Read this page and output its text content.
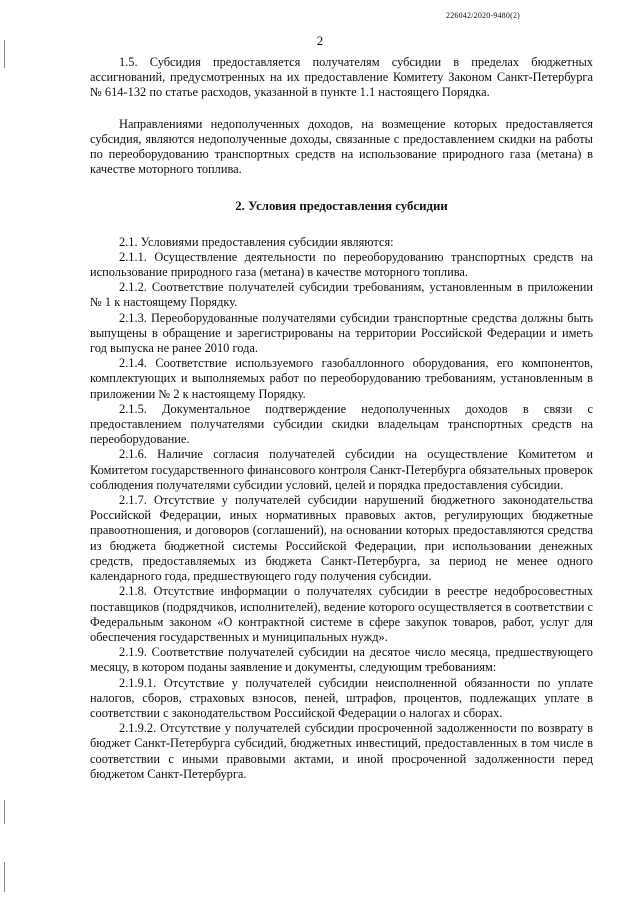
226042/2020-9480(2)
2

1.5. Субсидия предоставляется получателям субсидии в пределах бюджетных ассигнований, предусмотренных на их предоставление Комитету Законом Санкт-Петербурга № 614-132 по статье расходов, указанной в пункте 1.1 настоящего Порядка.

Направлениями недополученных доходов, на возмещение которых предоставляется субсидия, являются недополученные доходы, связанные с предоставлением скидки на работы по переоборудованию транспортных средств на использование природного газа (метана) в качестве моторного топлива.

2. Условия предоставления субсидии

2.1. Условиями предоставления субсидии являются:

2.1.1. Осуществление деятельности по переоборудованию транспортных средств на использование природного газа (метана) в качестве моторного топлива.

2.1.2. Соответствие получателей субсидии требованиям, установленным в приложении № 1 к настоящему Порядку.

2.1.3. Переоборудованные получателями субсидии транспортные средства должны быть выпущены в обращение и зарегистрированы на территории Российской Федерации и иметь год выпуска не ранее 2010 года.

2.1.4. Соответствие используемого газобаллонного оборудования, его компонентов, комплектующих и выполняемых работ по переоборудованию требованиям, установленным в приложении № 2 к настоящему Порядку.

2.1.5. Документальное подтверждение недополученных доходов в связи с предоставлением получателями субсидии скидки владельцам транспортных средств на переоборудование.

2.1.6. Наличие согласия получателей субсидии на осуществление Комитетом и Комитетом государственного финансового контроля Санкт-Петербурга обязательных проверок соблюдения получателями субсидии условий, целей и порядка предоставления субсидии.

2.1.7. Отсутствие у получателей субсидии нарушений бюджетного законодательства Российской Федерации, иных нормативных правовых актов, регулирующих бюджетные правоотношения, и договоров (соглашений), на основании которых предоставляются средства из бюджета бюджетной системы Российской Федерации, при использовании денежных средств, предоставляемых из бюджета Санкт-Петербурга, за период не менее одного календарного года, предшествующего году получения субсидии.

2.1.8. Отсутствие информации о получателях субсидии в реестре недобросовестных поставщиков (подрядчиков, исполнителей), ведение которого осуществляется в соответствии с Федеральным законом «О контрактной системе в сфере закупок товаров, работ, услуг для обеспечения государственных и муниципальных нужд».

2.1.9. Соответствие получателей субсидии на десятое число месяца, предшествующего месяцу, в котором поданы заявление и документы, следующим требованиям:

2.1.9.1. Отсутствие у получателей субсидии неисполненной обязанности по уплате налогов, сборов, страховых взносов, пеней, штрафов, процентов, подлежащих уплате в соответствии с законодательством Российской Федерации о налогах и сборах.

2.1.9.2. Отсутствие у получателей субсидии просроченной задолженности по возврату в бюджет Санкт-Петербурга субсидий, бюджетных инвестиций, предоставленных в том числе в соответствии с иными правовыми актами, и иной просроченной задолженности перед бюджетом Санкт-Петербурга.
